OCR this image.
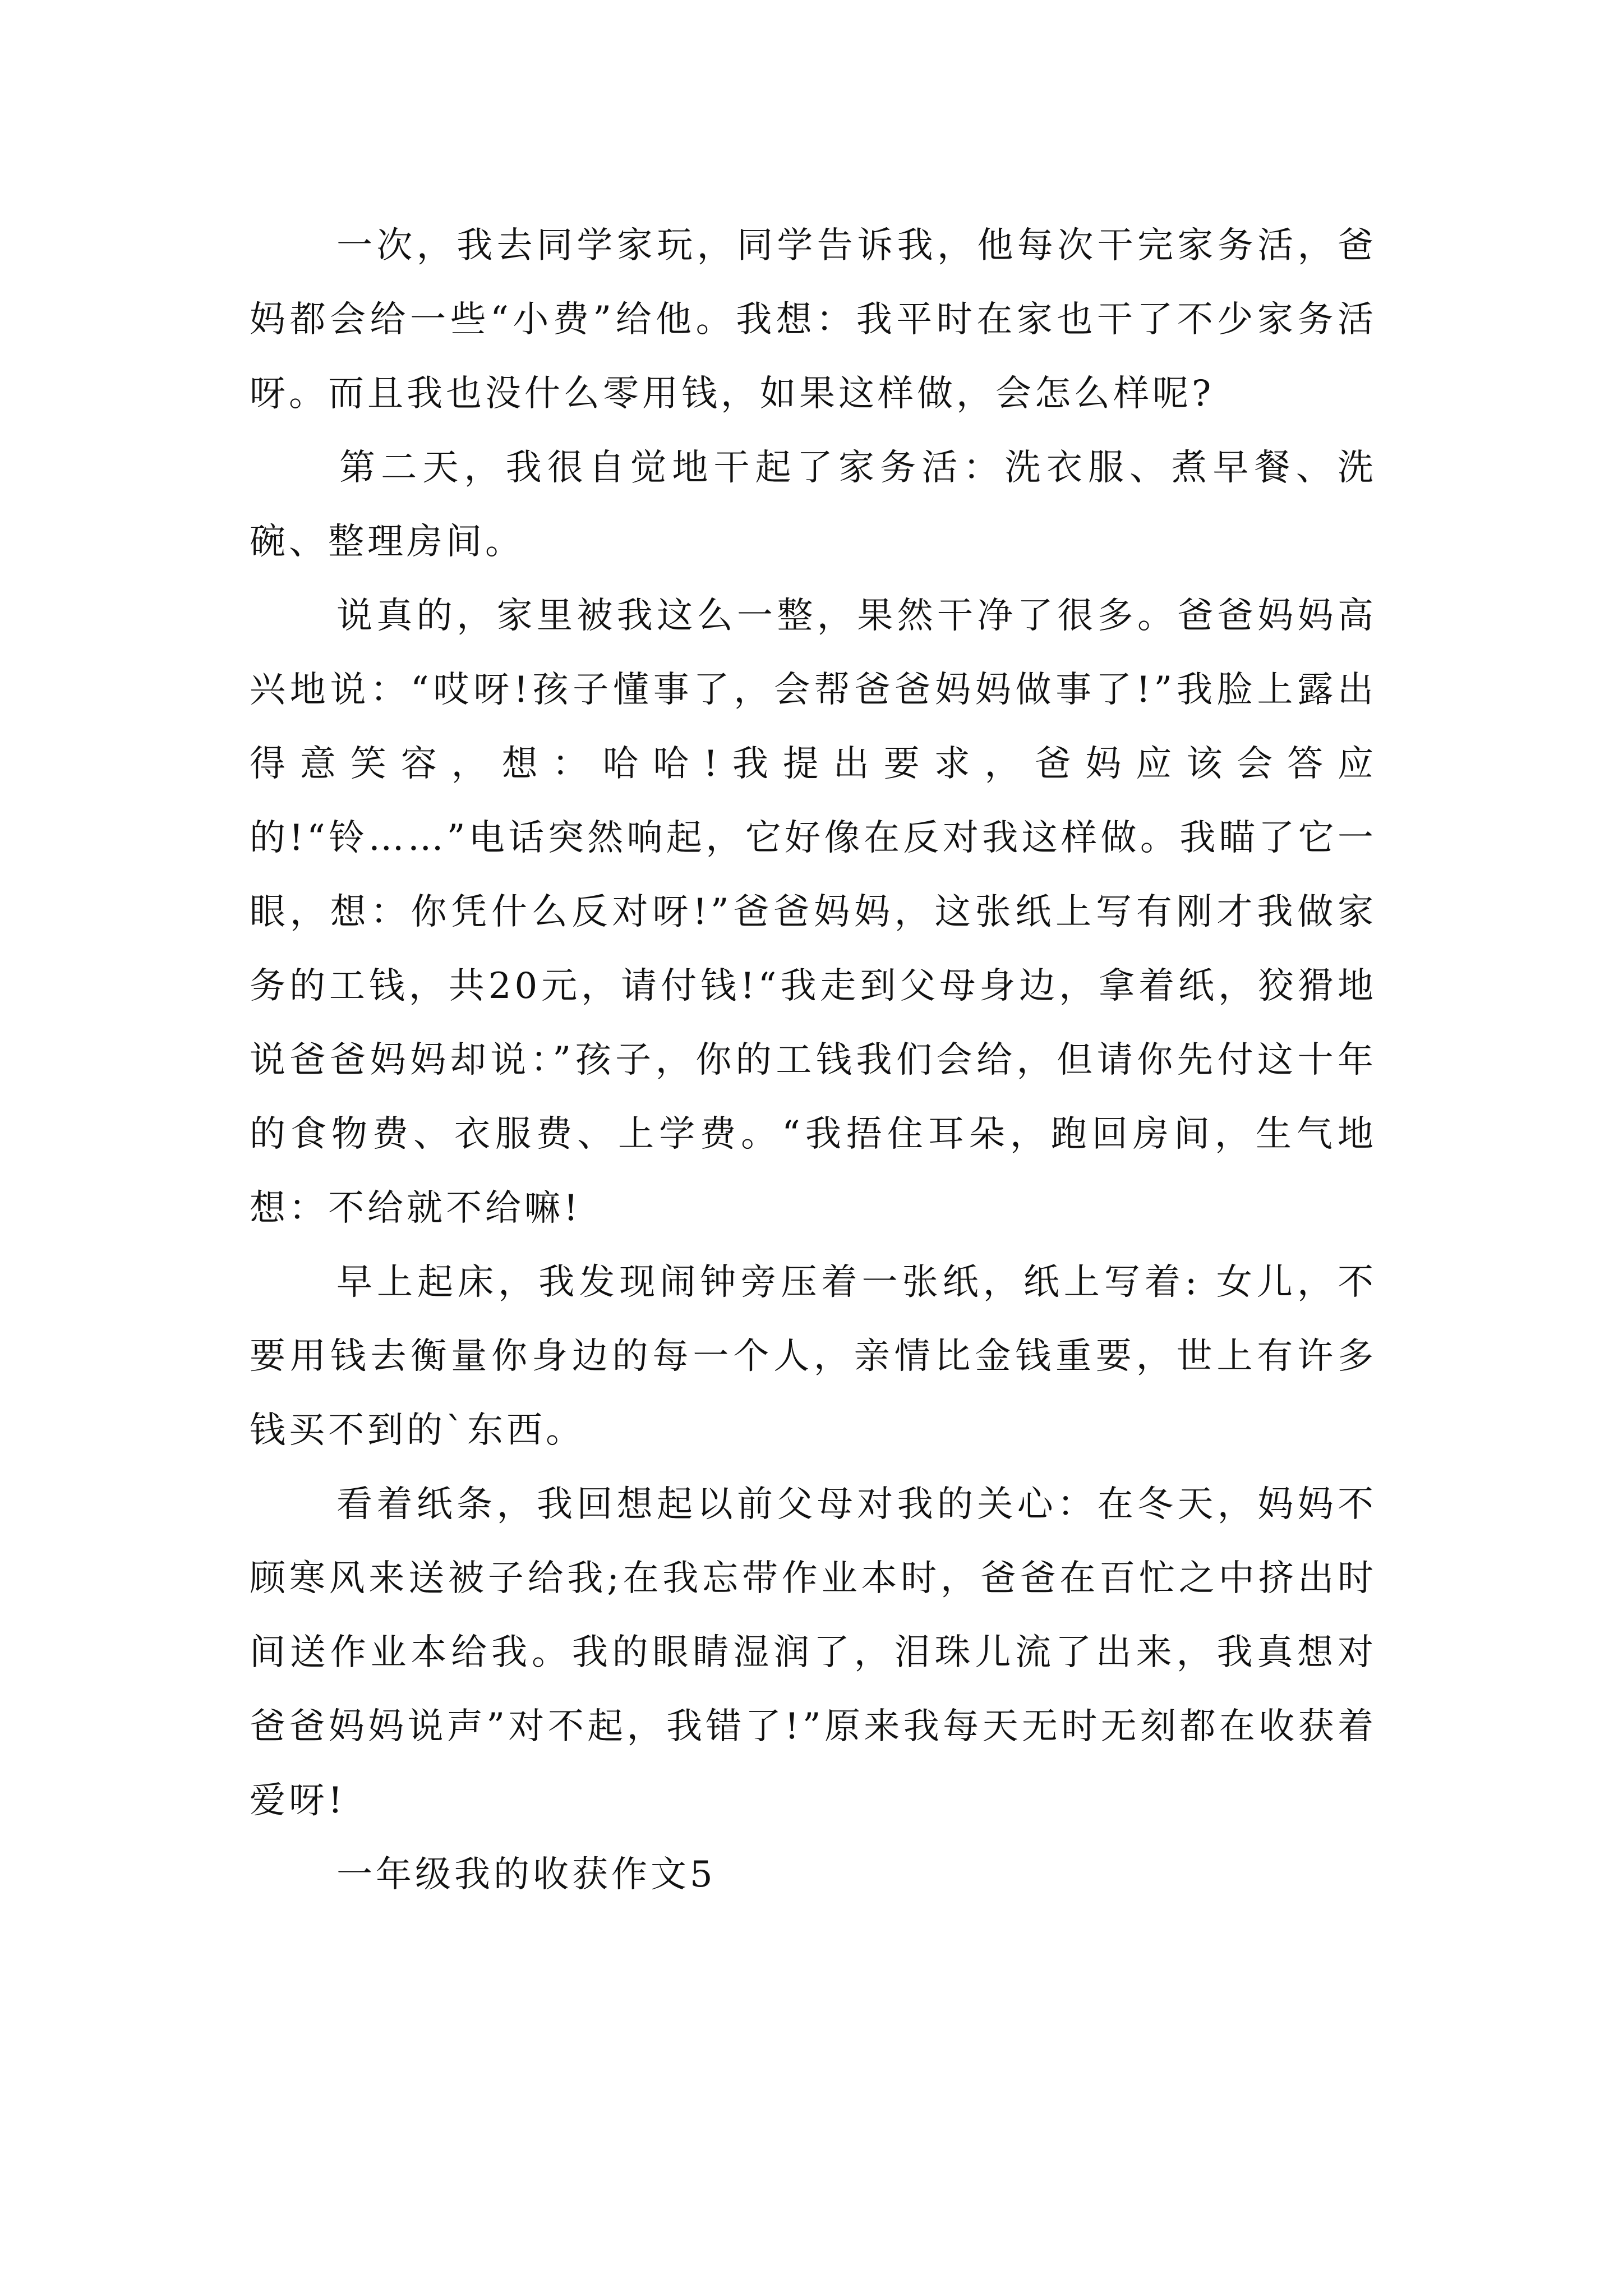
一次，我去同学家玩，同学告诉我，他每次干完家务活，爸妈都会给一些“小费”给他。我想：我平时在家也干了不少家务活呀。而且我也没什么零用钱，如果这样做，会怎么样呢?

第二天，我很自觉地干起了家务活：洗衣服、煮早餐、洗碗、整理房间。

说真的，家里被我这么一整，果然干净了很多。爸爸妈妈高兴地说：“哎呀!孩子懂事了，会帮爸爸妈妈做事了!”我脸上露出得意笑容，想：哈哈!我提出要求，爸妈应该会答应的!“铃……”电话突然响起，它好像在反对我这样做。我瞄了它一眼，想：你凭什么反对呀!”爸爸妈妈，这张纸上写有刚才我做家务的工钱，共20元，请付钱!“我走到父母身边，拿着纸，狡猾地说爸爸妈妈却说：”孩子，你的工钱我们会给，但请你先付这十年的食物费、衣服费、上学费。“我捂住耳朵，跑回房间，生气地想：不给就不给嘛!

早上起床，我发现闹钟旁压着一张纸，纸上写着: 女儿，不要用钱去衡量你身边的每一个人，亲情比金钱重要，世上有许多钱买不到的`东西。

看着纸条，我回想起以前父母对我的关心：在冬天，妈妈不顾寒风来送被子给我;在我忘带作业本时，爸爸在百忙之中挤出时间送作业本给我。我的眼睛湿润了，泪珠儿流了出来，我真想对爸爸妈妈说声”对不起，我错了!”原来我每天无时无刻都在收获着爱呀!

一年级我的收获作文5
